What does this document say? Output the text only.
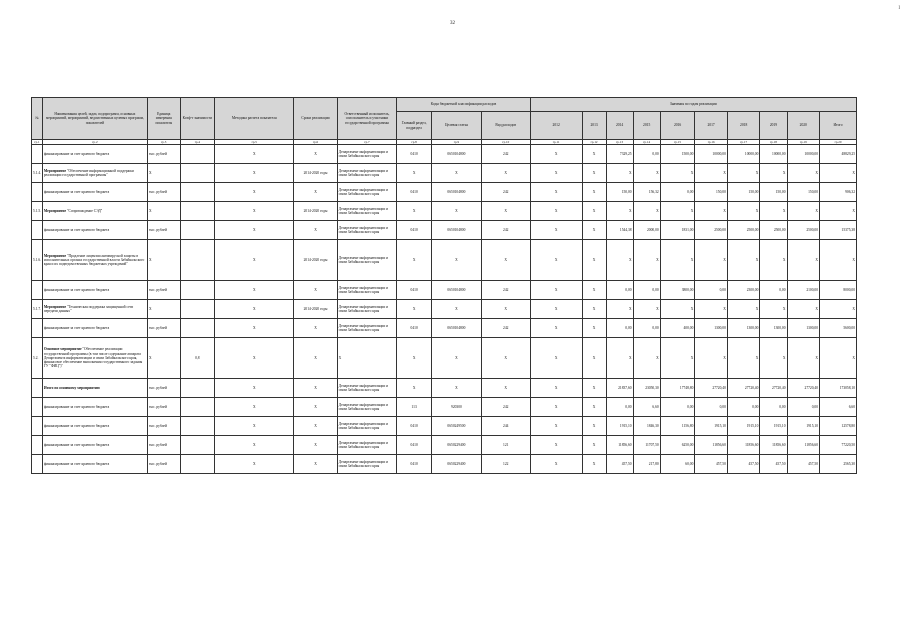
32
I
№	Наименования целей, задач, подпрограмм, основных мероприятий, мероприятий, ведомственных целевых программ, показателей	Единица измерения показателя	Коэф-т значимости	Методика расчета показателя	Сроки реализации	Ответственный исполнитель, соисполнитель и участники государственной программы	Коды бюджетной классификации расходов			Значения по годам реализации									
							Главный раздел, подраздел	Целевая статья	Вид расходов	2012	2013	2014	2015	2016	2017	2018	2019	2020	Итого
гр.1	гр.2	гр.3	гр.4	гр.5	гр.6	гр.7	гр.8	гр.9	гр.10	гр.11	гр.12	гр.13	гр.14	гр.15	гр.16	гр.17	гр.18	гр.19	гр.20
	финансирование за счет краевого бюджета	тыс. рублей		X	X	Департамент информатизации и связи Забайкальского края	0410	0650104800	242	X	X	7329,25	0,00	1500,00	10000,00	10000,00	10000,00	10000,00	48829,25
5.1.4.	Мероприятие "Обеспечение информационной поддержки реализации государственной программы"	X		X	2014-2020 годы	Департамент информатизации и связи Забайкальского края	X	X	X	X	X	X	X	X	X	X	X	X	X
	финансирование за счет краевого бюджета	тыс. рублей		X	X	Департамент информатизации и связи Забайкальского края	0410	0650104800	242	X	X	150,00	156,32	0,00	150,00	150,00	150,00	150,00	906,32
5.1.5.	Мероприятие "Сопровождение СЭД"	X		X	2014-2020 годы	Департамент информатизации и связи Забайкальского края	X	X	X	X	X	X	X	X	X	X	X	X	X
	финансирование за счет краевого бюджета	тыс. рублей		X	X	Департамент информатизации и связи Забайкальского края	0410	0650104800	242	X	X	1544,38	2000,00	1831,00	2500,00	2500,00	2500,00	2500,00	15375,38
5.1.6.	Мероприятие "Продление лицензии антивирусной защиты в исполнительных органах государственной власти Забайкальского края и их подведомственных бюджетных учреждений"	X		X	2014-2020 годы	Департамент информатизации и связи Забайкальского края	X	X	X	X	X	X	X	X	X	X	X	X	X
	финансирование за счет краевого бюджета	тыс. рублей		X	X	Департамент информатизации и связи Забайкальского края	0410	0650104800	242	X	X	0,00	0,00	3800,00	0,00	2300,00	0,00	2100,00	8000,00
5.1.7.	Мероприятие "Техническая поддержка защищенной сети передачи данных"	X		X	2014-2020 годы	Департамент информатизации и связи Забайкальского края	X	X	X	X	X	X	X	X	X	X	X	X	X
	финансирование за счет краевого бюджета	тыс. рублей		X	X	Департамент информатизации и связи Забайкальского края	0410	0650104800	242	X	X	0,00	0,00	400,00	1300,00	1300,00	1300,00	1300,00	5600,00
5.2.	Основное мероприятие "Обеспечение реализации государственной программы (в том числе содержание аппарата Департамента информатизации и связи Забайкальского края, финансовое обеспечение выполнения государственного задания ГУ "ФИЦ")"	X	0,8	X	X	X	X	X	X	X	X	X	X	X	X	X	X	X	X
	Итого по основному мероприятию	тыс. рублей		X	X	Департамент информатизации и связи Забайкальского края	X	X	X	X	X	21837,60	23050,30	17748,80	27720,40	27720,40	27720,40	27720,40	173058,10
	финансирование за счет краевого бюджета	тыс. рублей		X	X	Департамент информатизации и связи Забайкальского края	113	920300	242	X	X	0,00	6,60	0,00	0,00	0,00	0,00	0,00	6,60
	финансирование за счет краевого бюджета	тыс. рублей		X	X	Департамент информатизации и связи Забайкальского края	0410	0650249500	244	X	X	1915,10	1846,30	1156,80	1915,10	1915,10	1915,10	1915,10	12578,80
	финансирование за счет краевого бюджета	тыс. рублей		X	X	Департамент информатизации и связи Забайкальского края	0410	0650229400	121	X	X	11856,60	11707,50	6250,00	11856,60	11856,60	11856,60	11856,60	77220,50
	финансирование за счет краевого бюджета	тыс. рублей		X	X	Департамент информатизации и связи Забайкальского края	0410	0650229400	122	X	X	457,50	217,80	60,00	457,50	457,50	457,50	457,50	2565,30
